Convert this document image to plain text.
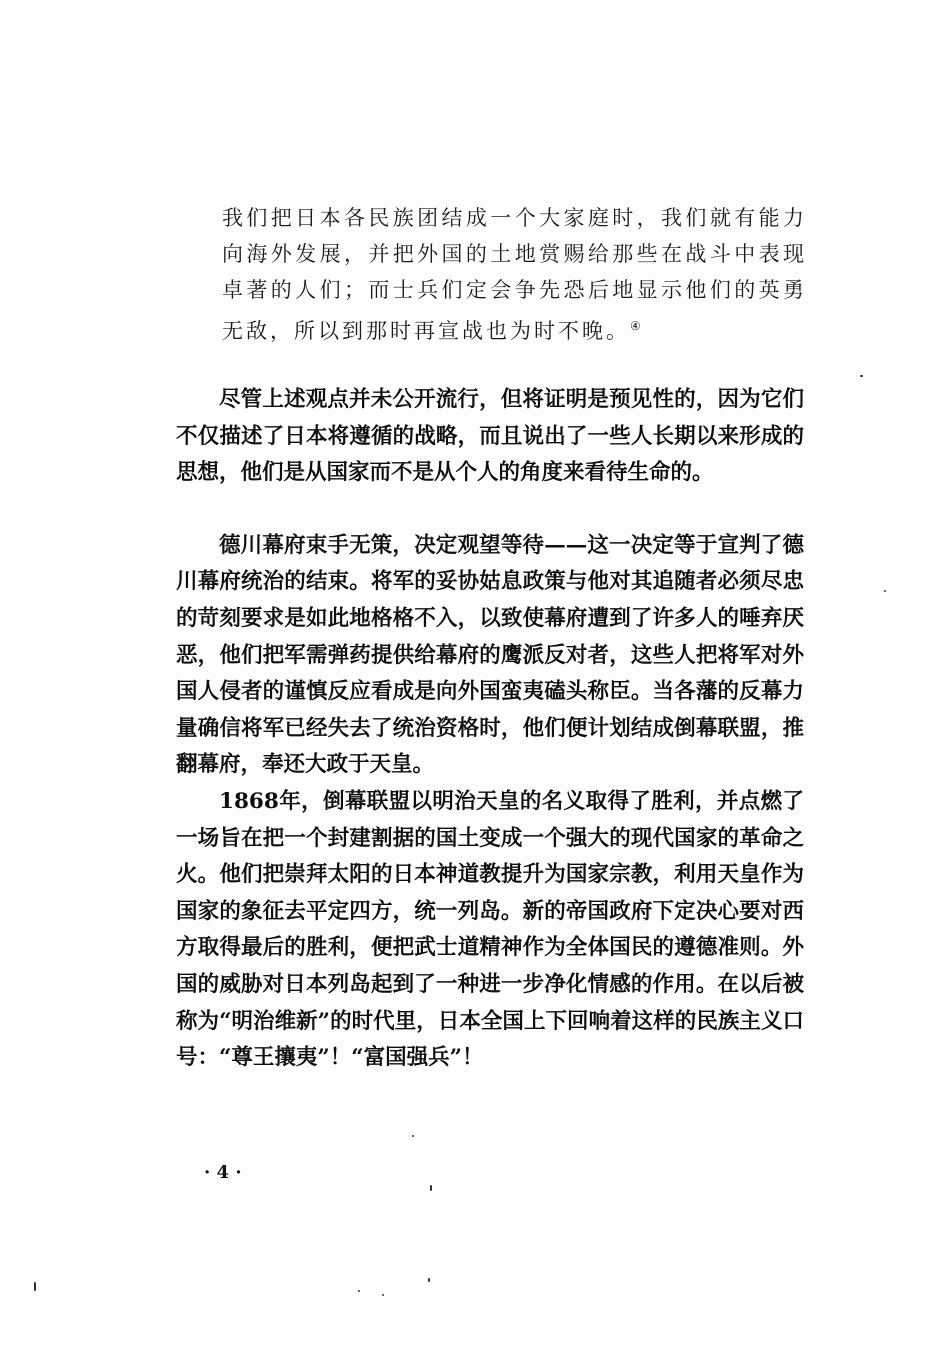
我们把日本各民族团结成一个大家庭时，我们就有能力向海外发展，并把外国的土地赏赐给那些在战斗中表现卓著的人们；而士兵们定会争先恐后地显示他们的英勇无敌，所以到那时再宣战也为时不晚。④

尽管上述观点并未公开流行，但将证明是预见性的，因为它们不仅描述了日本将遵循的战略，而且说出了一些人长期以来形成的思想，他们是从国家而不是从个人的角度来看待生命的。

德川幕府束手无策，决定观望等待——这一决定等于宣判了德川幕府统治的结束。将军的妥协姑息政策与他对其追随者必须尽忠的苛刻要求是如此地格格不入，以致使幕府遭到了许多人的唾弃厌恶，他们把军需弹药提供给幕府的鹰派反对者，这些人把将军对外国人侵者的谨慎反应看成是向外国蛮夷磕头称臣。当各藩的反幕力量确信将军已经失去了统治资格时，他们便计划结成倒幕联盟，推翻幕府，奉还大政于天皇。

1868年，倒幕联盟以明治天皇的名义取得了胜利，并点燃了一场旨在把一个封建割据的国土变成一个强大的现代国家的革命之火。他们把崇拜太阳的日本神道教提升为国家宗教，利用天皇作为国家的象征去平定四方，统一列岛。新的帝国政府下定决心要对西方取得最后的胜利，便把武士道精神作为全体国民的遵德准则。外国的威胁对日本列岛起到了一种进一步净化情感的作用。在以后被称为“明治维新”的时代里，日本全国上下回响着这样的民族主义口号：“尊王攘夷”！“富国强兵”！

· 4 ·
